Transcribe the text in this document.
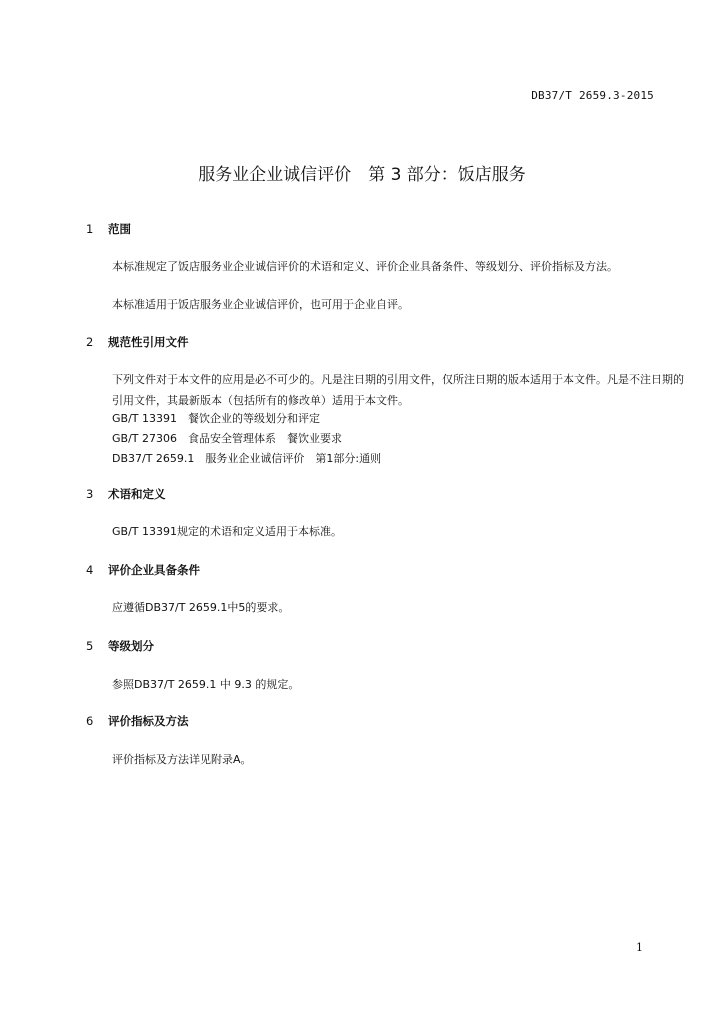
DB37/T 2659.3-2015
服务业企业诚信评价　第 3 部分：饭店服务
1 范围
本标准规定了饭店服务业企业诚信评价的术语和定义、评价企业具备条件、等级划分、评价指标及方法。
本标准适用于饭店服务业企业诚信评价，也可用于企业自评。
2 规范性引用文件
下列文件对于本文件的应用是必不可少的。凡是注日期的引用文件，仅所注日期的版本适用于本文件。凡是不注日期的引用文件，其最新版本（包括所有的修改单）适用于本文件。
GB/T 13391　餐饮企业的等级划分和评定
GB/T 27306　食品安全管理体系　餐饮业要求
DB37/T 2659.1　服务业企业诚信评价　第1部分:通则
3 术语和定义
GB/T 13391规定的术语和定义适用于本标准。
4 评价企业具备条件
应遵循DB37/T 2659.1中5的要求。
5 等级划分
参照DB37/T 2659.1 中 9.3 的规定。
6 评价指标及方法
评价指标及方法详见附录A。
1
